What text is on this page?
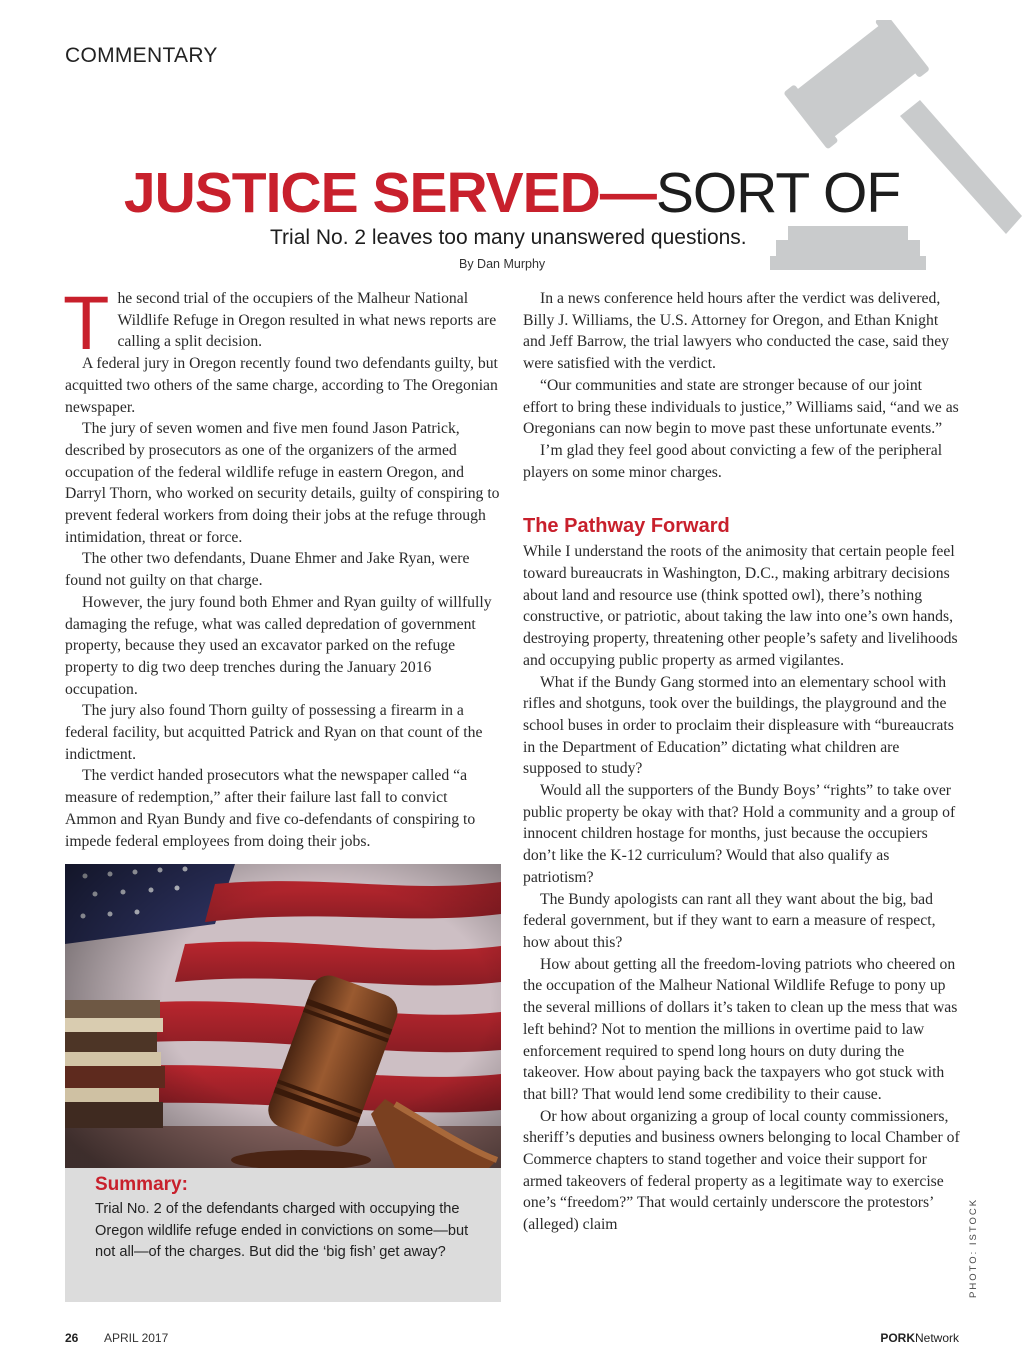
COMMENTARY
JUSTICE SERVED—SORT OF
Trial No. 2 leaves too many unanswered questions.
By Dan Murphy

The second trial of the occupiers of the Malheur National Wildlife Refuge in Oregon resulted in what news reports are calling a split decision.

A federal jury in Oregon recently found two defendants guilty, but acquitted two others of the same charge, according to The Oregonian newspaper.

The jury of seven women and five men found Jason Patrick, described by prosecutors as one of the organizers of the armed occupation of the federal wildlife refuge in eastern Oregon, and Darryl Thorn, who worked on security details, guilty of conspiring to prevent federal workers from doing their jobs at the refuge through intimidation, threat or force.

The other two defendants, Duane Ehmer and Jake Ryan, were found not guilty on that charge.

However, the jury found both Ehmer and Ryan guilty of willfully damaging the refuge, what was called depredation of government property, because they used an excavator parked on the refuge property to dig two deep trenches during the January 2016 occupation.

The jury also found Thorn guilty of possessing a firearm in a federal facility, but acquitted Patrick and Ryan on that count of the indictment.

The verdict handed prosecutors what the newspaper called “a measure of redemption,” after their failure last fall to convict Ammon and Ryan Bundy and five co-defendants of conspiring to impede federal employees from doing their jobs.

Summary:
Trial No. 2 of the defendants charged with occupying the Oregon wildlife refuge ended in convictions on some—but not all—of the charges. But did the ‘big fish’ get away?

In a news conference held hours after the verdict was delivered, Billy J. Williams, the U.S. Attorney for Oregon, and Ethan Knight and Jeff Barrow, the trial lawyers who conducted the case, said they were satisfied with the verdict.

“Our communities and state are stronger because of our joint effort to bring these individuals to justice,” Williams said, “and we as Oregonians can now begin to move past these unfortunate events.”

I’m glad they feel good about convicting a few of the peripheral players on some minor charges.

The Pathway Forward

While I understand the roots of the animosity that certain people feel toward bureaucrats in Washington, D.C., making arbitrary decisions about land and resource use (think spotted owl), there’s nothing constructive, or patriotic, about taking the law into one’s own hands, destroying property, threatening other people’s safety and livelihoods and occupying public property as armed vigilantes.

What if the Bundy Gang stormed into an elementary school with rifles and shotguns, took over the buildings, the playground and the school buses in order to proclaim their displeasure with “bureaucrats in the Department of Education” dictating what children are supposed to study?

Would all the supporters of the Bundy Boys’ “rights” to take over public property be okay with that? Hold a community and a group of innocent children hostage for months, just because the occupiers don’t like the K-12 curriculum? Would that also qualify as patriotism?

The Bundy apologists can rant all they want about the big, bad federal government, but if they want to earn a measure of respect, how about this?

How about getting all the freedom-loving patriots who cheered on the occupation of the Malheur National Wildlife Refuge to pony up the several millions of dollars it’s taken to clean up the mess that was left behind? Not to mention the millions in overtime paid to law enforcement required to spend long hours on duty during the takeover. How about paying back the taxpayers who got stuck with that bill? That would lend some credibility to their cause.

Or how about organizing a group of local county commissioners, sheriff’s deputies and business owners belonging to local Chamber of Commerce chapters to stand together and voice their support for armed takeovers of federal property as a legitimate way to exercise one’s “freedom?” That would certainly underscore the protestors’ (alleged) claim	PHOTO: ISTOCK
26 APRIL 2017	PORKNetwork
